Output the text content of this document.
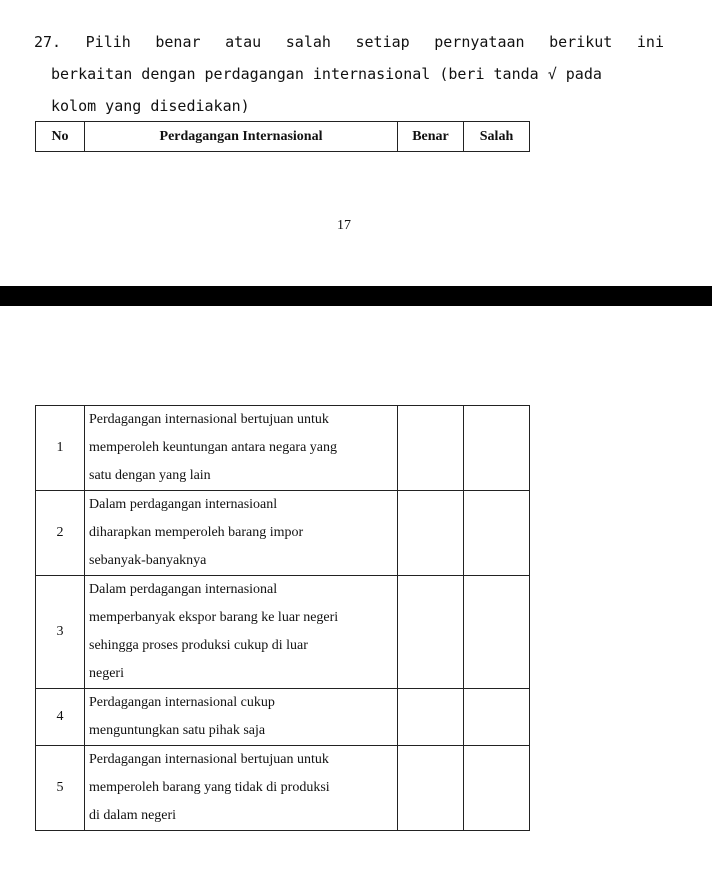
27. Pilih benar atau salah setiap pernyataan berikut ini
berkaitan dengan perdagangan internasional (beri tanda √ pada
kolom yang disediakan)
No	Perdagangan Internasional	Benar	Salah
17
1	Perdagangan internasional bertujuan untuk
memperoleh keuntungan antara negara yang
satu dengan yang lain		

2	Dalam perdagangan internasioanl
diharapkan memperoleh barang impor
sebanyak-banyaknya		

3	Dalam perdagangan internasional
memperbanyak ekspor barang ke luar negeri
sehingga proses produksi cukup di luar
negeri		

4	Perdagangan internasional cukup
menguntungkan satu pihak saja		

5	Perdagangan internasional bertujuan untuk
memperoleh barang yang tidak di produksi
di dalam negeri		
